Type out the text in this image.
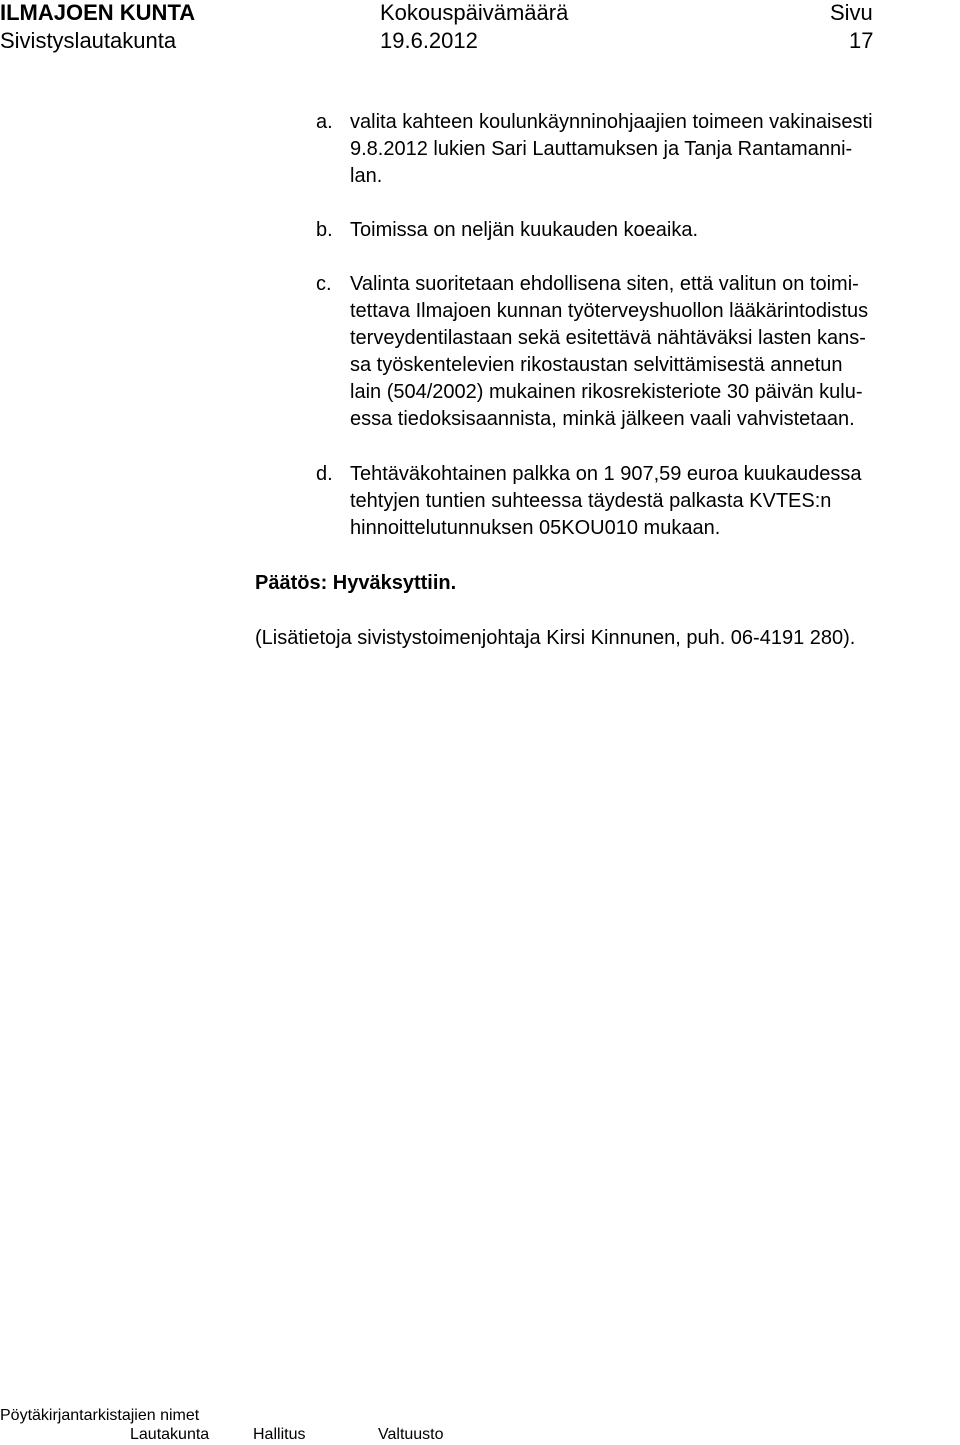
ILMAJOEN KUNTA
Sivistyslautakunta
Kokouspäivämäärä
19.6.2012
Sivu
17
a. valita kahteen koulunkäynninohjaajien toimeen vakinaisesti
9.8.2012 lukien Sari Lauttamuksen ja Tanja Rantamanni-
lan.
b. Toimissa on neljän kuukauden koeaika.
c. Valinta suoritetaan ehdollisena siten, että valitun on toimi-
tettava Ilmajoen kunnan työterveyshuollon lääkärintodistus
terveydentilastaan sekä esitettävä nähtäväksi lasten kans-
sa työskentelevien rikostaustan selvittämisestä annetun
lain (504/2002) mukainen rikosrekisteriote 30 päivän kulu-
essa tiedoksisaannista, minkä jälkeen vaali vahvistetaan.
d. Tehtäväkohtainen palkka on 1 907,59 euroa kuukaudessa
tehtyjen tuntien suhteessa täydestä palkasta KVTES:n
hinnoittelutunnuksen 05KOU010 mukaan.
Päätös: Hyväksyttiin.
(Lisätietoja sivistystoimenjohtaja Kirsi Kinnunen, puh. 06-4191 280).
Pöytäkirjantarkistajien nimet
Lautakunta	Hallitus	Valtuusto
